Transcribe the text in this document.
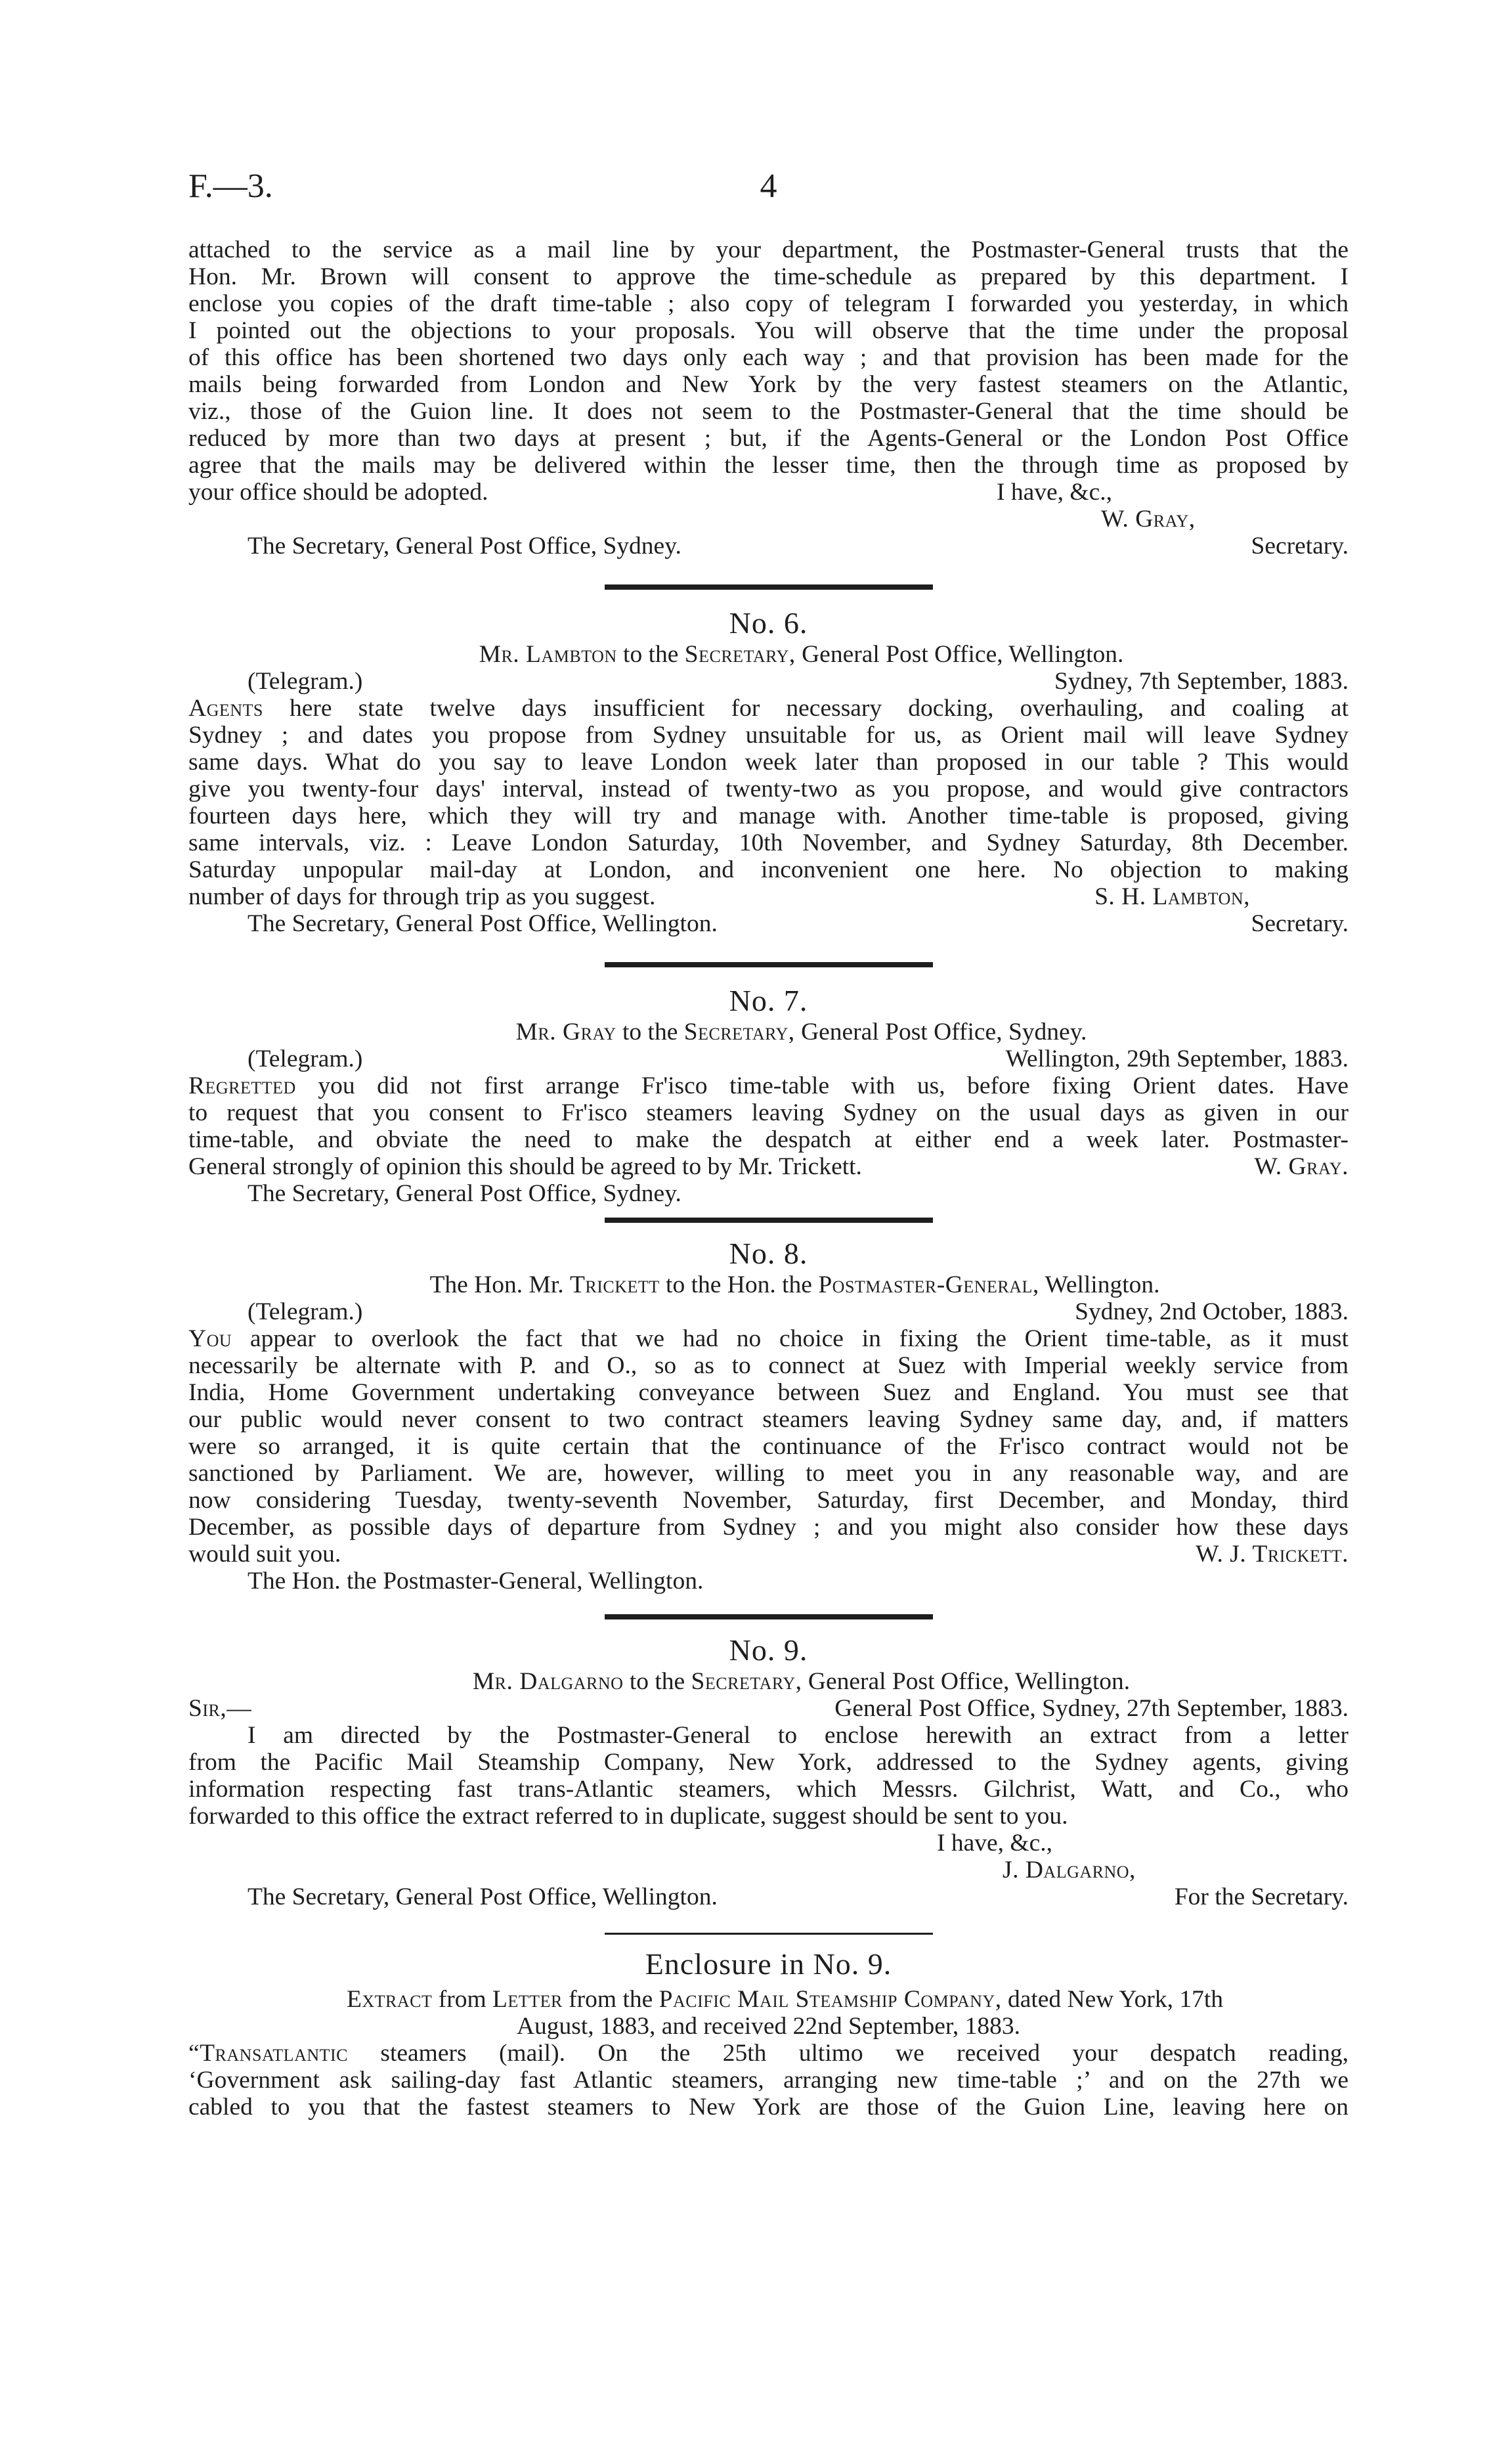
F.—3.	4
attached to the service as a mail line by your department, the Postmaster-General trusts that the
Hon. Mr. Brown will consent to approve the time-schedule as prepared by this department. I
enclose you copies of the draft time-table ; also copy of telegram I forwarded you yesterday, in which
I pointed out the objections to your proposals. You will observe that the time under the proposal
of this office has been shortened two days only each way ; and that provision has been made for the
mails being forwarded from London and New York by the very fastest steamers on the Atlantic,
viz., those of the Guion line. It does not seem to the Postmaster-General that the time should be
reduced by more than two days at present ; but, if the Agents-General or the London Post Office
agree that the mails may be delivered within the lesser time, then the through time as proposed by
your office should be adopted.	I have, &c.,
W. Gray,
The Secretary, General Post Office, Sydney.	Secretary.
No. 6.
Mr. Lambton to the Secretary, General Post Office, Wellington.
(Telegram.)	Sydney, 7th September, 1883.
Agents here state twelve days insufficient for necessary docking, overhauling, and coaling at
Sydney ; and dates you propose from Sydney unsuitable for us, as Orient mail will leave Sydney
same days. What do you say to leave London week later than proposed in our table ? This would
give you twenty-four days' interval, instead of twenty-two as you propose, and would give contractors
fourteen days here, which they will try and manage with. Another time-table is proposed, giving
same intervals, viz. : Leave London Saturday, 10th November, and Sydney Saturday, 8th December.
Saturday unpopular mail-day at London, and inconvenient one here. No objection to making
number of days for through trip as you suggest.	S. H. Lambton,
The Secretary, General Post Office, Wellington.	Secretary.
No. 7.
Mr. Gray to the Secretary, General Post Office, Sydney.
(Telegram.)	Wellington, 29th September, 1883.
Regretted you did not first arrange Fr'isco time-table with us, before fixing Orient dates. Have
to request that you consent to Fr'isco steamers leaving Sydney on the usual days as given in our
time-table, and obviate the need to make the despatch at either end a week later. Postmaster-
General strongly of opinion this should be agreed to by Mr. Trickett.	W. Gray.
The Secretary, General Post Office, Sydney.
No. 8.
The Hon. Mr. Trickett to the Hon. the Postmaster-General, Wellington.
(Telegram.)	Sydney, 2nd October, 1883.
You appear to overlook the fact that we had no choice in fixing the Orient time-table, as it must
necessarily be alternate with P. and O., so as to connect at Suez with Imperial weekly service from
India, Home Government undertaking conveyance between Suez and England. You must see that
our public would never consent to two contract steamers leaving Sydney same day, and, if matters
were so arranged, it is quite certain that the continuance of the Fr'isco contract would not be
sanctioned by Parliament. We are, however, willing to meet you in any reasonable way, and are
now considering Tuesday, twenty-seventh November, Saturday, first December, and Monday, third
December, as possible days of departure from Sydney ; and you might also consider how these days
would suit you.	W. J. Trickett.
The Hon. the Postmaster-General, Wellington.
No. 9.
Mr. Dalgarno to the Secretary, General Post Office, Wellington.
Sir,—	General Post Office, Sydney, 27th September, 1883.
I am directed by the Postmaster-General to enclose herewith an extract from a letter
from the Pacific Mail Steamship Company, New York, addressed to the Sydney agents, giving
information respecting fast trans-Atlantic steamers, which Messrs. Gilchrist, Watt, and Co., who
forwarded to this office the extract referred to in duplicate, suggest should be sent to you.
I have, &c.,
J. Dalgarno,
The Secretary, General Post Office, Wellington.	For the Secretary.
Enclosure in No. 9.
Extract from Letter from the Pacific Mail Steamship Company, dated New York, 17th
August, 1883, and received 22nd September, 1883.
“Transatlantic steamers (mail). On the 25th ultimo we received your despatch reading,
‘Government ask sailing-day fast Atlantic steamers, arranging new time-table ;’ and on the 27th we
cabled to you that the fastest steamers to New York are those of the Guion Line, leaving here on
